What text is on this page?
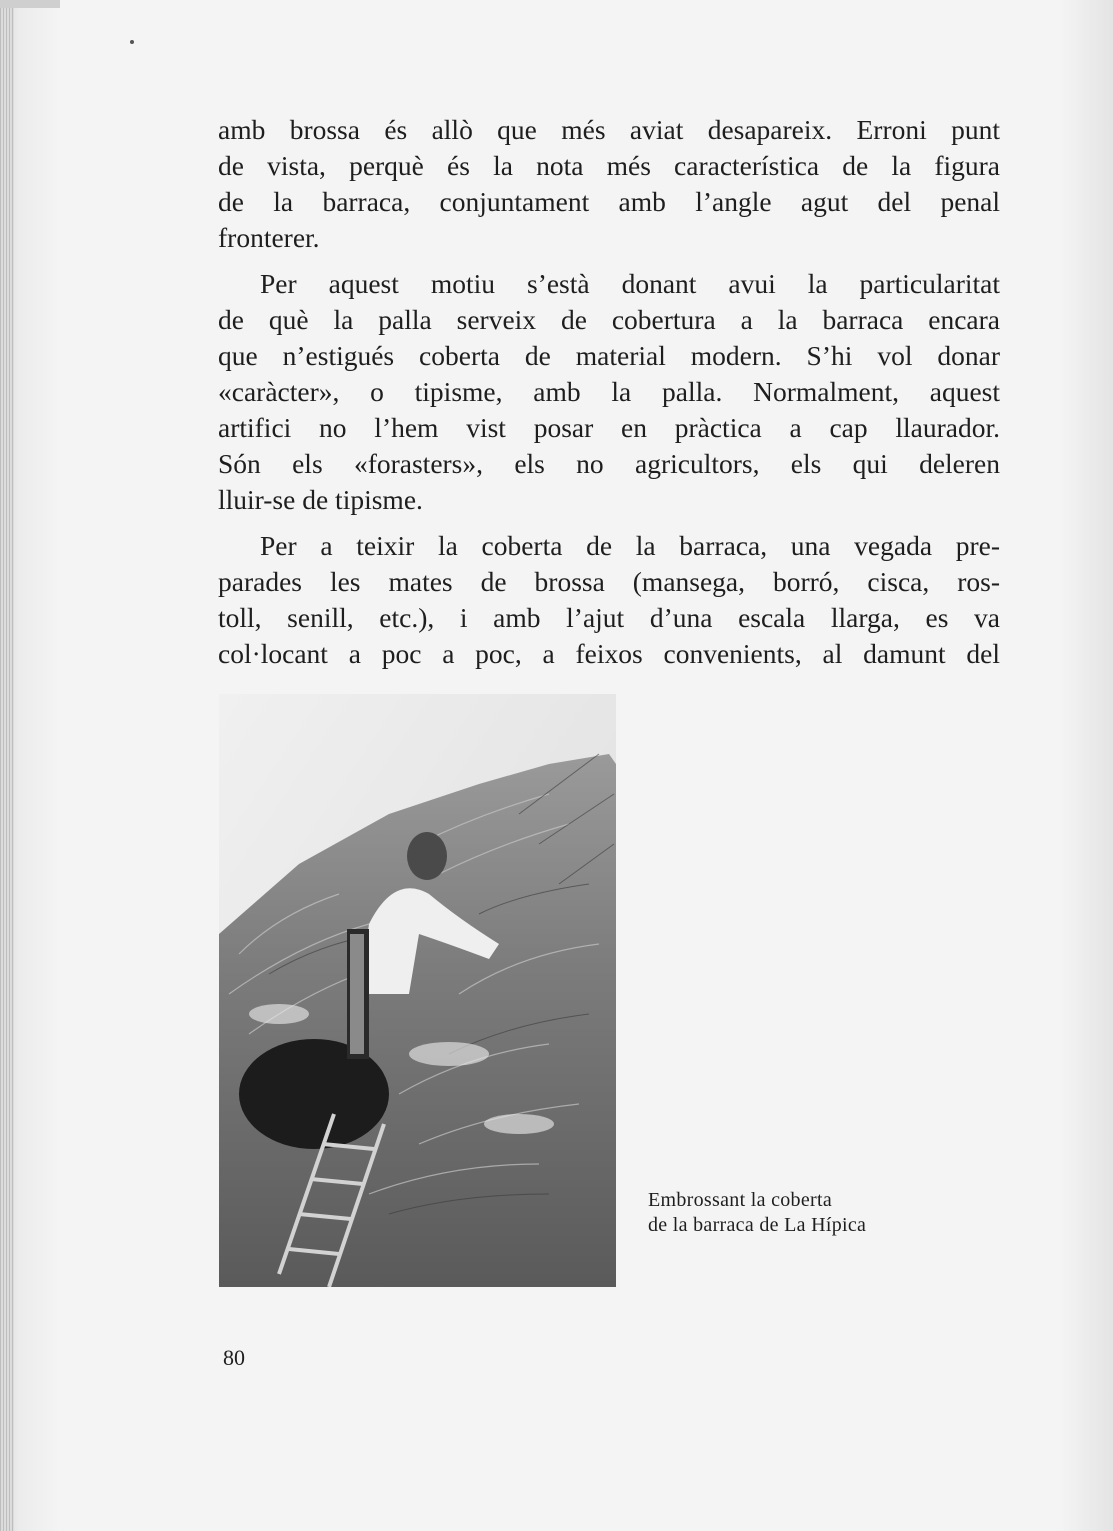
amb brossa és allò que més aviat desapareix. Erroni punt

de vista, perquè és la nota més característica de la figura

de la barraca, conjuntament amb l’angle agut del penal

fronterer.

Per aquest motiu s’està donant avui la particularitat

de què la palla serveix de cobertura a la barraca encara

que n’estigués coberta de material modern. S’hi vol donar

«caràcter», o tipisme, amb la palla. Normalment, aquest

artifici no l’hem vist posar en pràctica a cap llaurador.

Són els «forasters», els no agricultors, els qui deleren

lluir-se de tipisme.

Per a teixir la coberta de la barraca, una vegada pre-

parades les mates de brossa (mansega, borró, cisca, ros-

toll, senill, etc.), i amb l’ajut d’una escala llarga, es va

col·locant a poc a poc, a feixos convenients, al damunt del

Embrossant la coberta
de la barraca de La Hípica
80
